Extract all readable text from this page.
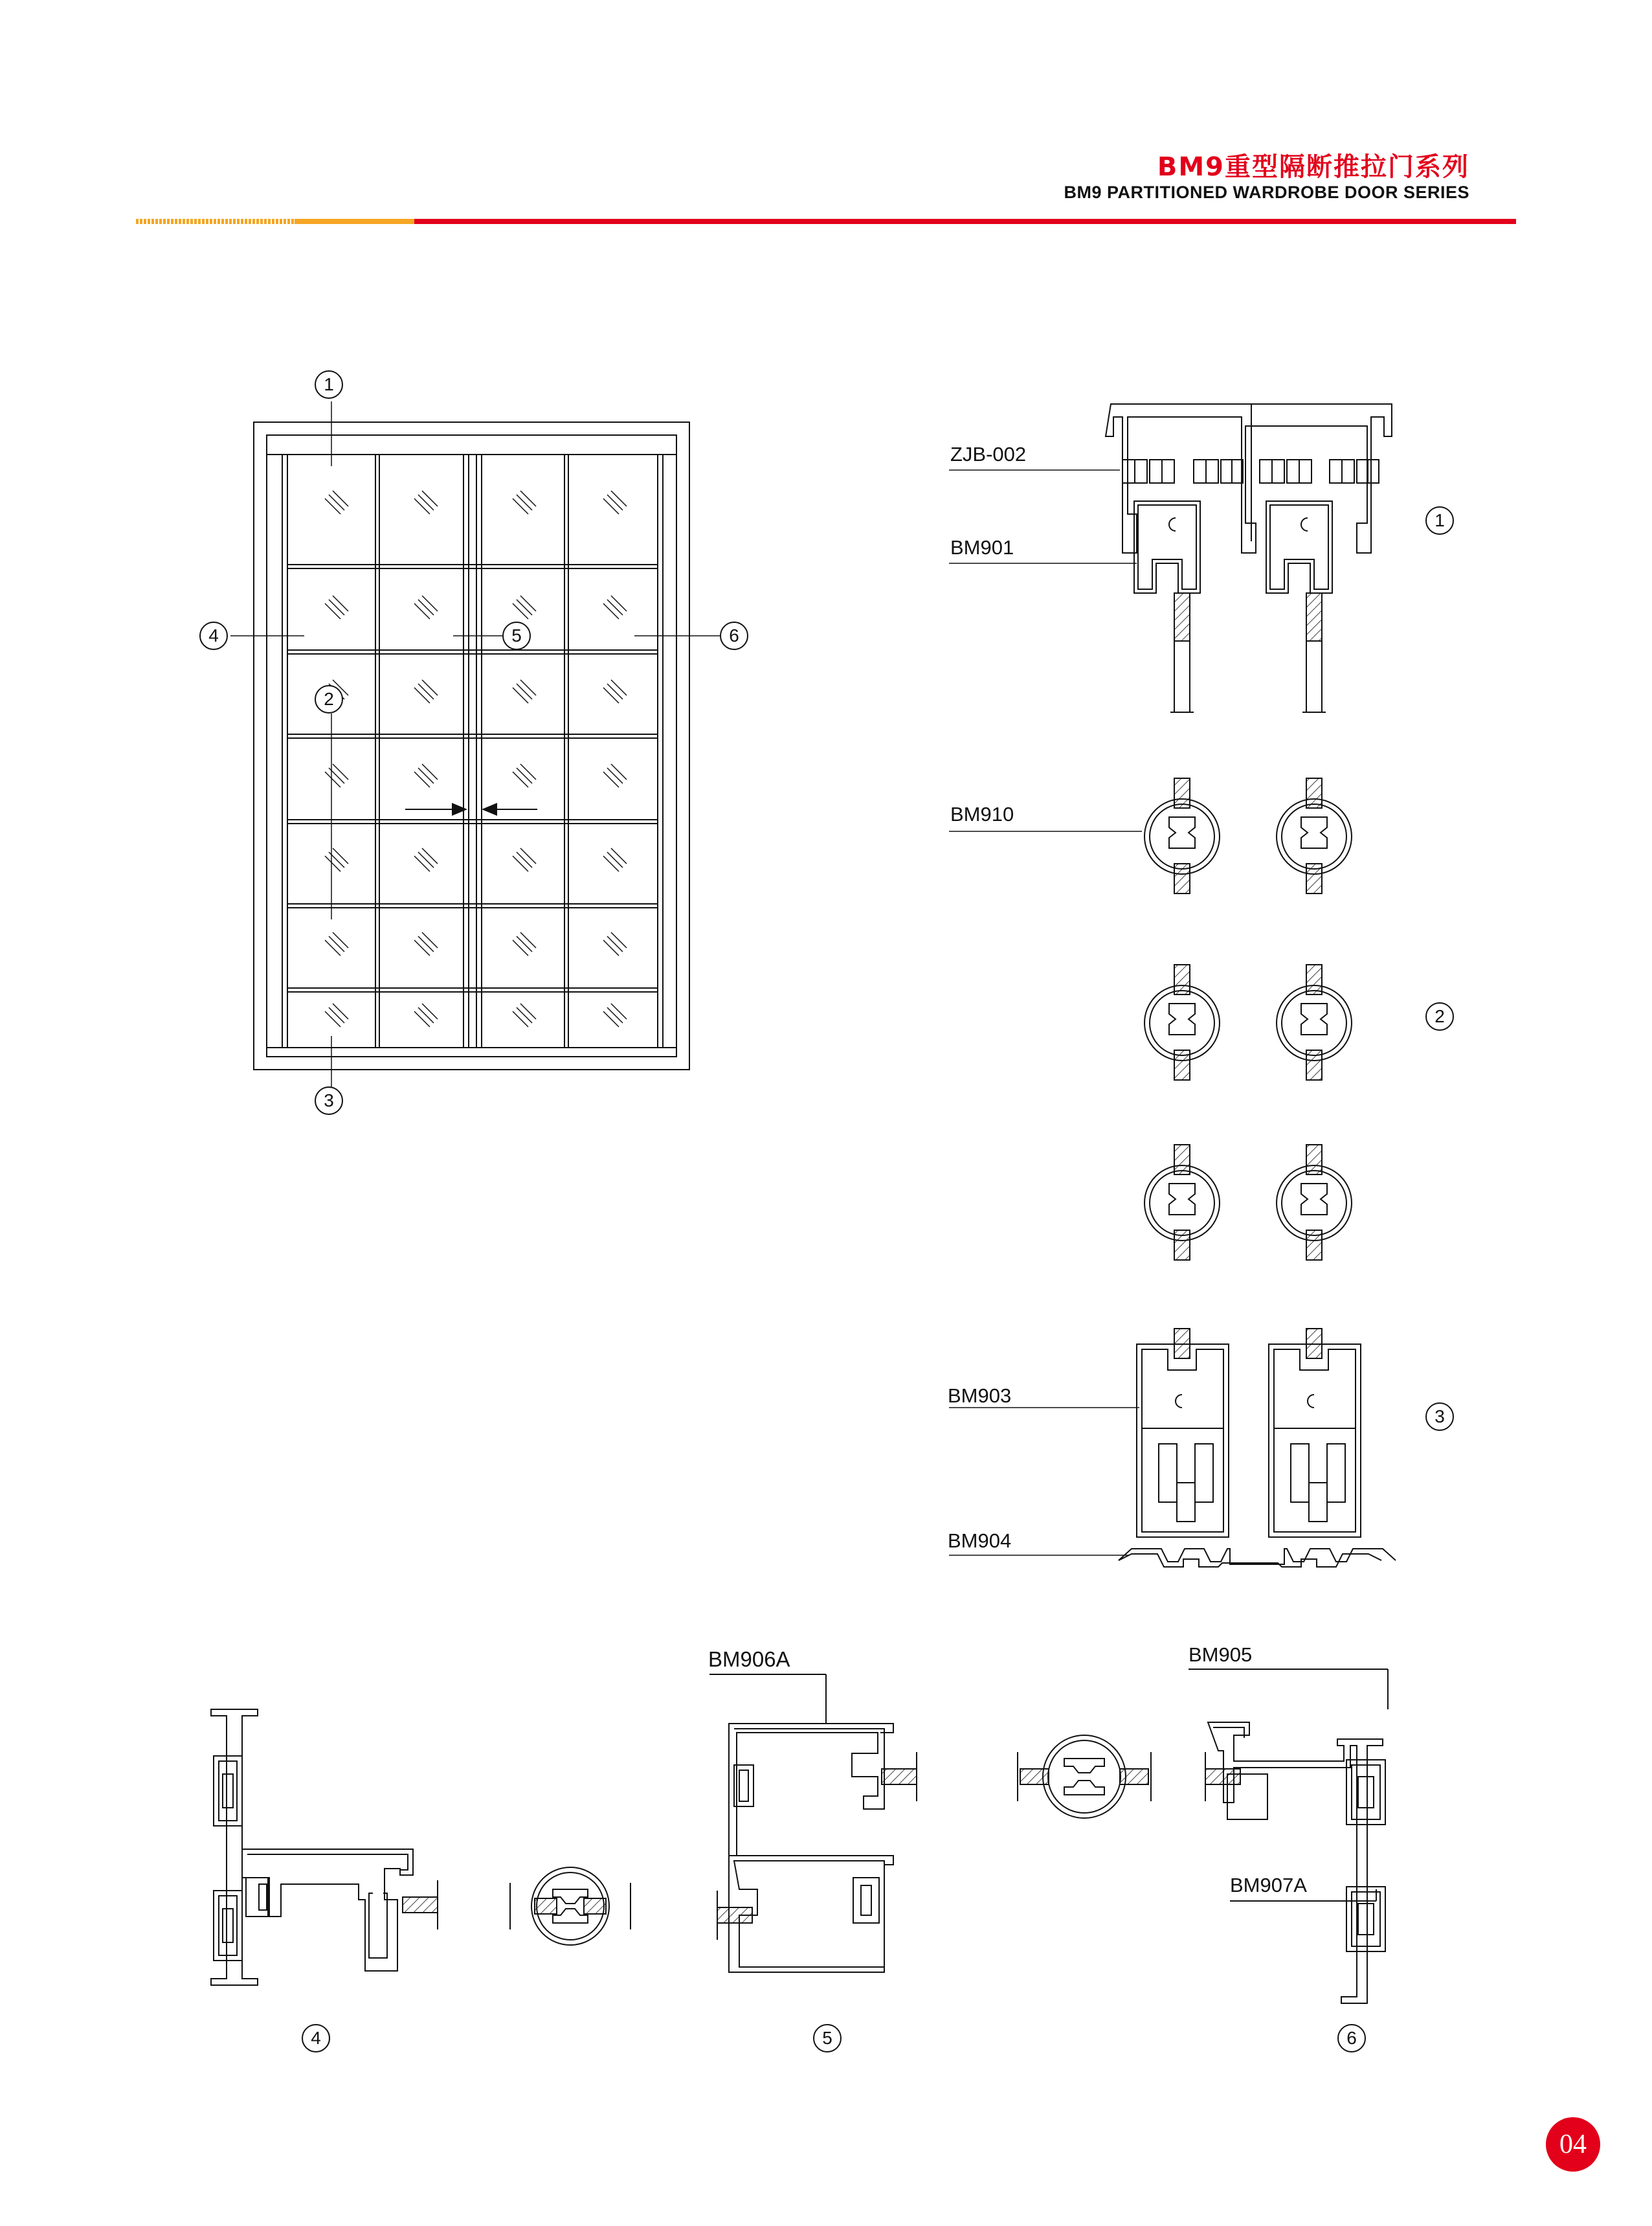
BM9重型隔断推拉门系列
BM9 PARTITIONED WARDROBE DOOR SERIES
1
2
3
4	5	6
ZJB-002
BM901
BM910
BM903
BM904
BM906A	BM905
BM907A
1
2
3
4	5	6
04
